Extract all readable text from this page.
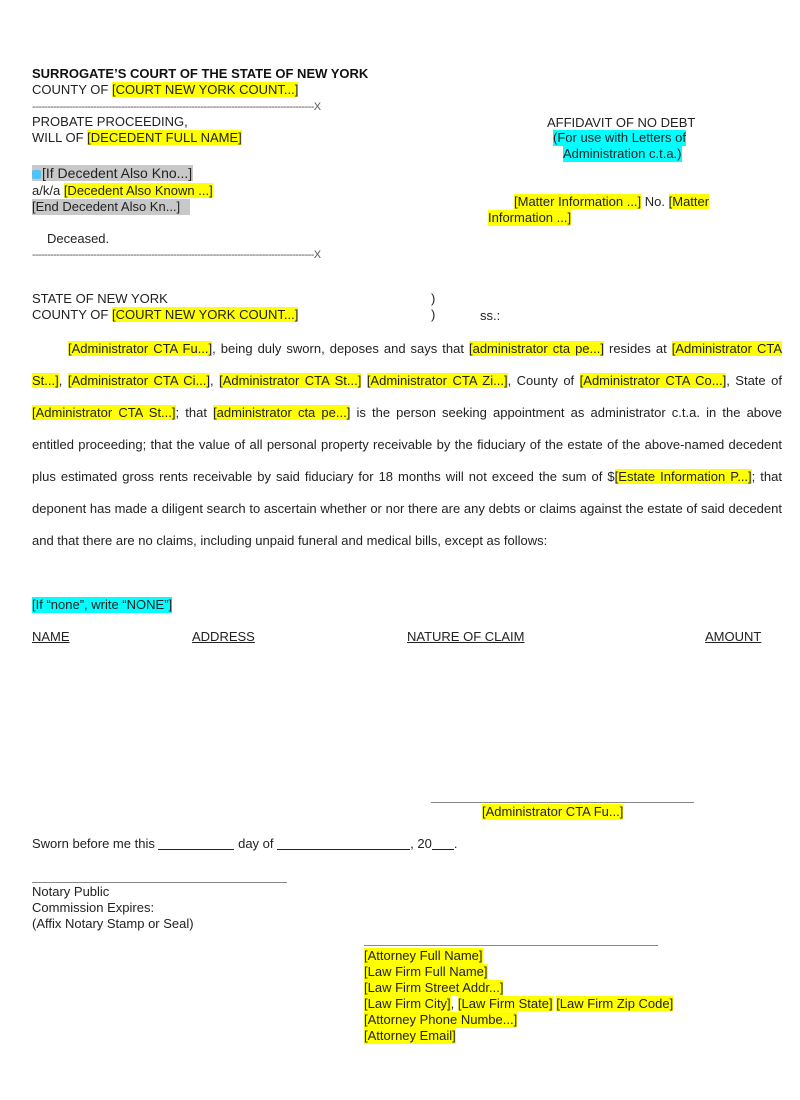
SURROGATE’S COURT OF THE STATE OF NEW YORK
COUNTY OF [COURT NEW YORK COUNT...]
--------------------------------------------------------------------------------------------X
PROBATE PROCEEDING,
WILL OF [DECEDENT FULL NAME]
[If Decedent Also Kno...]
a/k/a [Decedent Also Known ...]
[End Decedent Also Kn...]
Deceased.
--------------------------------------------------------------------------------------------X
AFFIDAVIT OF NO DEBT
(For use with Letters of
Administration c.t.a.)
[Matter Information ...] No. [Matter
Information ...]
STATE OF NEW YORK	)
COUNTY OF [COURT NEW YORK COUNT...]	)	ss.:
[Administrator CTA Fu...], being duly sworn, deposes and says that [administrator cta pe...] resides at [Administrator CTA St...], [Administrator CTA Ci...], [Administrator CTA St...] [Administrator CTA Zi...], County of [Administrator CTA Co...], State of [Administrator CTA St...]; that [administrator cta pe...] is the person seeking appointment as administrator c.t.a. in the above entitled proceeding; that the value of all personal property receivable by the fiduciary of the estate of the above-named decedent plus estimated gross rents receivable by said fiduciary for 18 months will not exceed the sum of $[Estate Information P...]; that deponent has made a diligent search to ascertain whether or nor there are any debts or claims against the estate of said decedent and that there are no claims, including unpaid funeral and medical bills, except as follows:
[If “none”, write “NONE”]
NAME	ADDRESS	NATURE OF CLAIM	AMOUNT
[Administrator CTA Fu...]
Sworn before me this	day of	, 20 .
Notary Public
Commission Expires:
(Affix Notary Stamp or Seal)
[Attorney Full Name]
[Law Firm Full Name]
[Law Firm Street Addr...]
[Law Firm City], [Law Firm State] [Law Firm Zip Code]
[Attorney Phone Numbe...]
[Attorney Email]
